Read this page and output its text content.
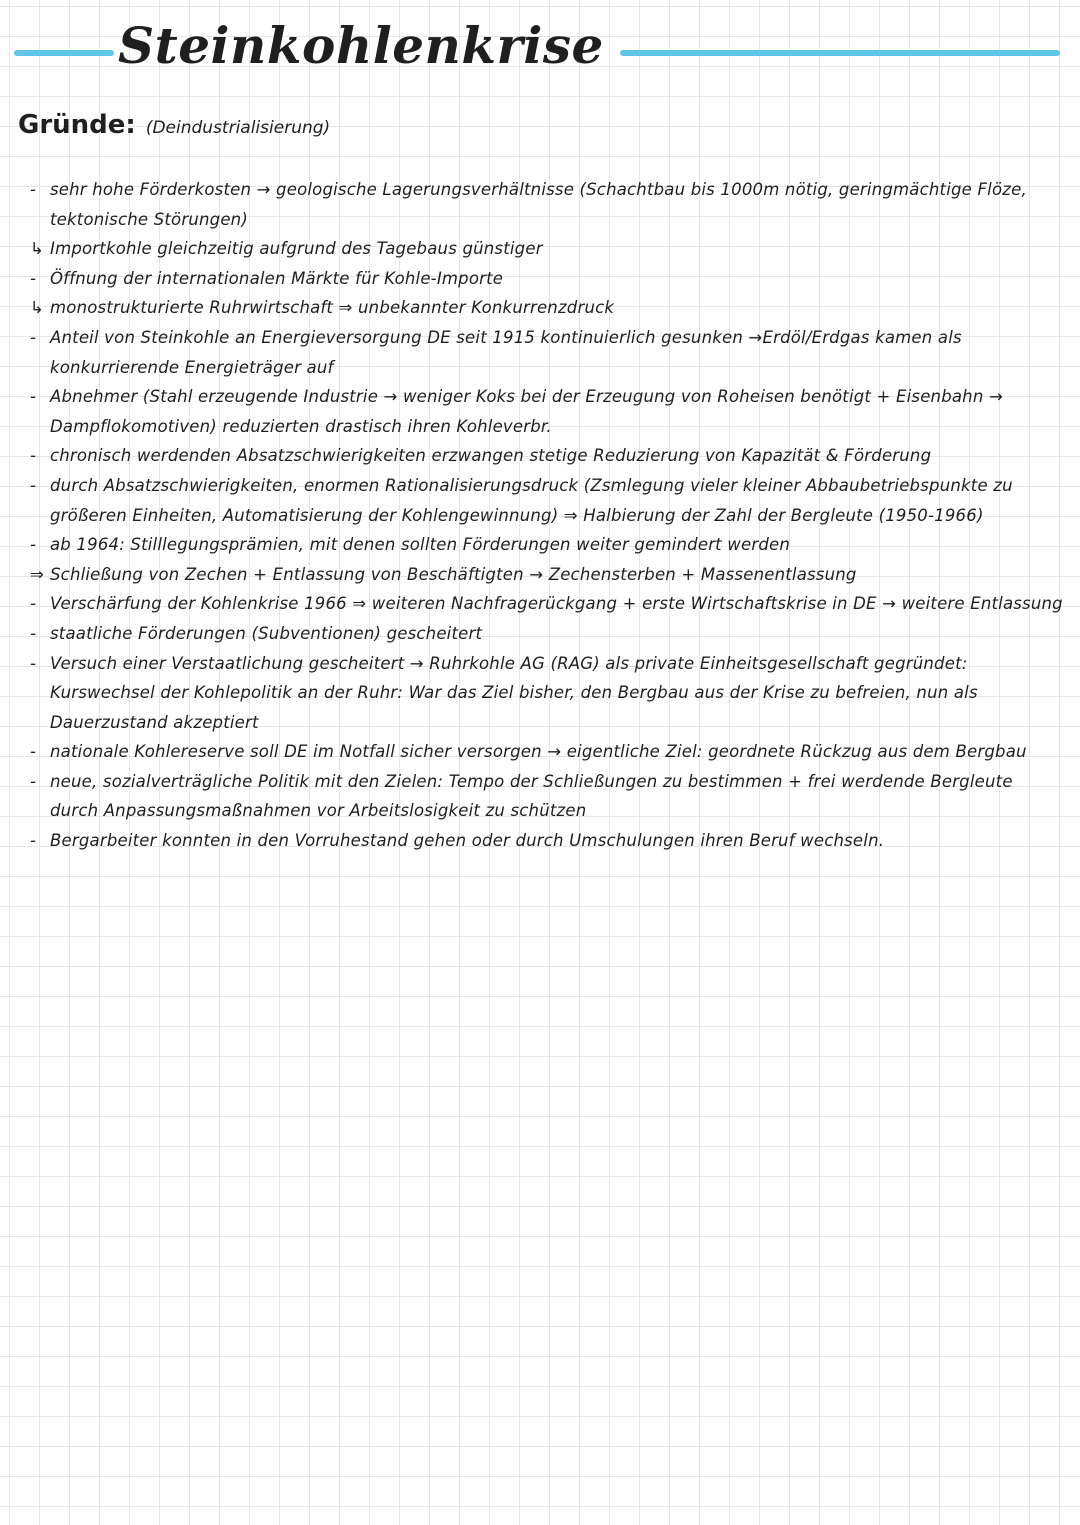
Steinkohlenkrise
Gründe: (Deindustrialisierung)
- sehr hohe Förderkosten → geologische Lagerungsverhältnisse (Schachtbau bis 1000m nötig, geringmächtige Flöze, tektonische Störungen)
↳ Importkohle gleichzeitig aufgrund des Tagebaus günstiger
- Öffnung der internationalen Märkte für Kohle-Importe
↳ monostrukturierte Ruhrwirtschaft ⇒ unbekannter Konkurrenzdruck
- Anteil von Steinkohle an Energieversorgung DE seit 1915 kontinuierlich gesunken →Erdöl/Erdgas kamen als konkurrierende Energieträger auf
- Abnehmer (Stahl erzeugende Industrie → weniger Koks bei der Erzeugung von Roheisen benötigt + Eisenbahn → Dampflokomotiven) reduzierten drastisch ihren Kohleverbr.
- chronisch werdenden Absatzschwierigkeiten erzwangen stetige Reduzierung von Kapazität & Förderung
- durch Absatzschwierigkeiten, enormen Rationalisierungsdruck (Zsmlegung vieler kleiner Abbaubetriebspunkte zu größeren Einheiten, Automatisierung der Kohlengewinnung) ⇒ Halbierung der Zahl der Bergleute (1950-1966)
- ab 1964: Stilllegungsprämien, mit denen sollten Förderungen weiter gemindert werden
⇒ Schließung von Zechen + Entlassung von Beschäftigten → Zechensterben + Massenentlassung
- Verschärfung der Kohlenkrise 1966 ⇒ weiteren Nachfragerückgang + erste Wirtschaftskrise in DE → weitere Entlassung
- staatliche Förderungen (Subventionen) gescheitert
- Versuch einer Verstaatlichung gescheitert → Ruhrkohle AG (RAG) als private Einheitsgesellschaft gegründet: Kurswechsel der Kohlepolitik an der Ruhr: War das Ziel bisher, den Bergbau aus der Krise zu befreien, nun als Dauerzustand akzeptiert
- nationale Kohlereserve soll DE im Notfall sicher versorgen → eigentliche Ziel: geordnete Rückzug aus dem Bergbau
- neue, sozialverträgliche Politik mit den Zielen: Tempo der Schließungen zu bestimmen + frei werdende Bergleute durch Anpassungsmaßnahmen vor Arbeitslosigkeit zu schützen
- Bergarbeiter konnten in den Vorruhestand gehen oder durch Umschulungen ihren Beruf wechseln.
